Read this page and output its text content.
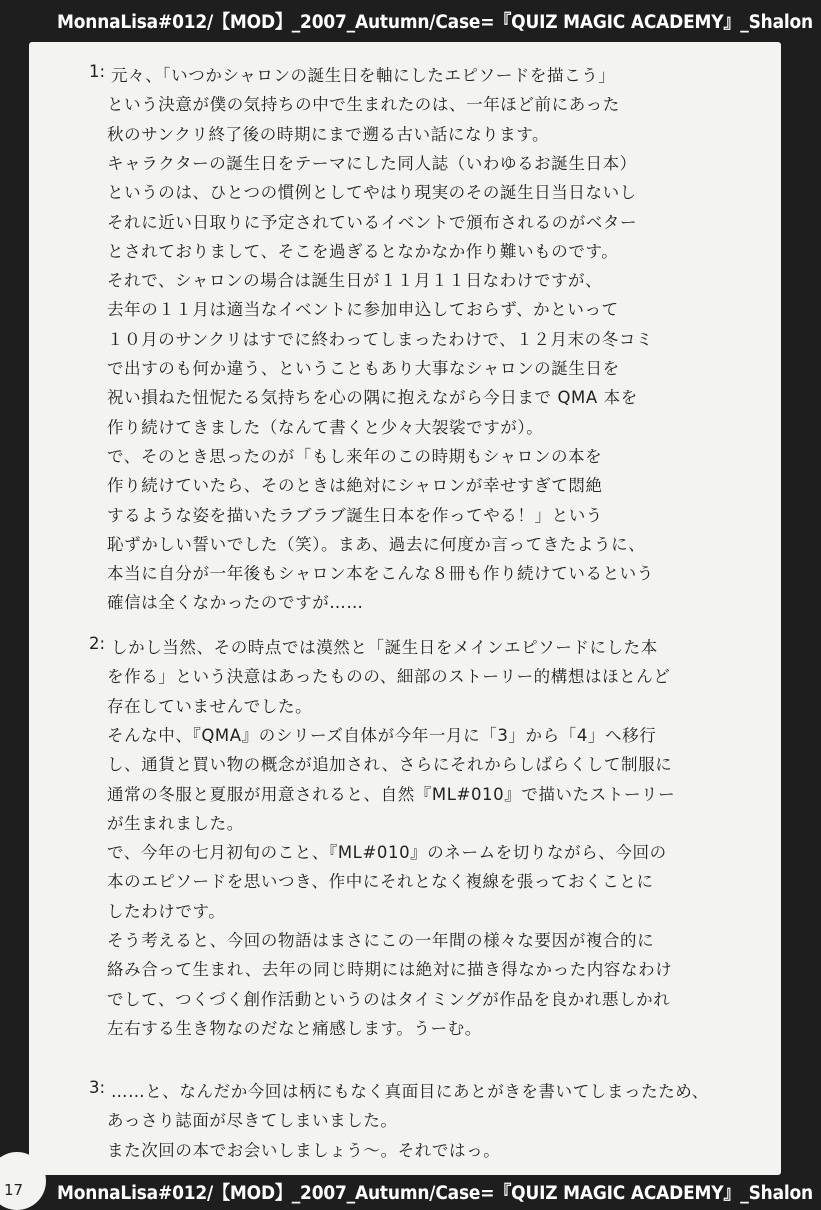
MonnaLisa#012/【MOD】_2007_Autumn/Case=『QUIZ MAGIC ACADEMY』_Shalon
1: 元々、「いつかシャロンの誕生日を軸にしたエピソードを描こう」
という決意が僕の気持ちの中で生まれたのは、一年ほど前にあった
秋のサンクリ終了後の時期にまで遡る古い話になります。
キャラクターの誕生日をテーマにした同人誌（いわゆるお誕生日本）
というのは、ひとつの慣例としてやはり現実のその誕生日当日ないし
それに近い日取りに予定されているイベントで頒布されるのがベター
とされておりまして、そこを過ぎるとなかなか作り難いものです。
それで、シャロンの場合は誕生日が１１月１１日なわけですが、
去年の１１月は適当なイベントに参加申込しておらず、かといって
１０月のサンクリはすでに終わってしまったわけで、１２月末の冬コミ
で出すのも何か違う、ということもあり大事なシャロンの誕生日を
祝い損ねた忸怩たる気持ちを心の隅に抱えながら今日まで QMA 本を
作り続けてきました（なんて書くと少々大袈裟ですが）。
で、そのとき思ったのが「もし来年のこの時期もシャロンの本を
作り続けていたら、そのときは絶対にシャロンが幸せすぎて悶絶
するような姿を描いたラブラブ誕生日本を作ってやる！」という
恥ずかしい誓いでした（笑）。まあ、過去に何度か言ってきたように、
本当に自分が一年後もシャロン本をこんな８冊も作り続けているという
確信は全くなかったのですが……
2: しかし当然、その時点では漠然と「誕生日をメインエピソードにした本
を作る」という決意はあったものの、細部のストーリー的構想はほとんど
存在していませんでした。
そんな中、『QMA』のシリーズ自体が今年一月に「3」から「4」へ移行
し、通貨と買い物の概念が追加され、さらにそれからしばらくして制服に
通常の冬服と夏服が用意されると、自然『ML#010』で描いたストーリー
が生まれました。
で、今年の七月初旬のこと、『ML#010』のネームを切りながら、今回の
本のエピソードを思いつき、作中にそれとなく複線を張っておくことに
したわけです。
そう考えると、今回の物語はまさにこの一年間の様々な要因が複合的に
絡み合って生まれ、去年の同じ時期には絶対に描き得なかった内容なわけ
でして、つくづく創作活動というのはタイミングが作品を良かれ悪しかれ
左右する生き物なのだなと痛感します。うーむ。
3: ……と、なんだか今回は柄にもなく真面目にあとがきを書いてしまったため、
あっさり誌面が尽きてしまいました。
また次回の本でお会いしましょう～。それではっ。
17 MonnaLisa#012/【MOD】_2007_Autumn/Case=『QUIZ MAGIC ACADEMY』_Shalon
